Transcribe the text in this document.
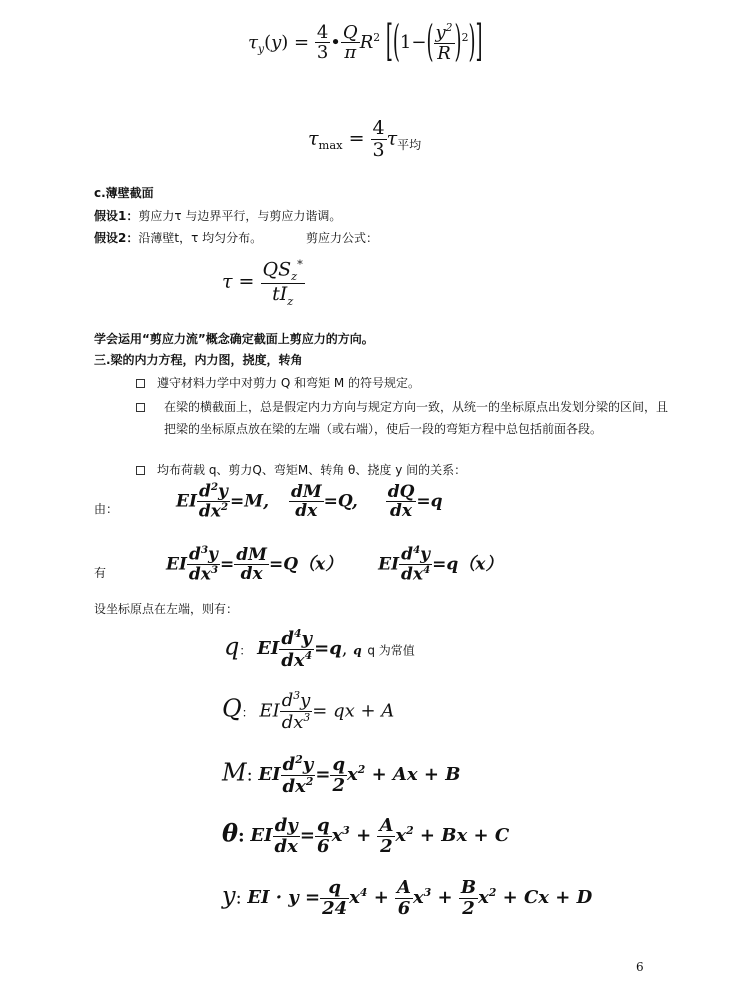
$\tau_y(y) = \frac{4}{3}$ • $\frac{Q}{\pi} R^2$ $[(1-( \frac{y^2}{R} )^2)]$
$\tau_{max} = \frac{4}{3} \tau_{平均}$
c.薄壁截面
假设1：剪应力τ 与边界平行，与剪应力谐调。
假设2：沿薄壁t，τ 均匀分布。	剪应力公式：
$\tau = \frac{QS_z^*}{tI_z}$
学会运用“剪应力流”概念确定截面上剪应力的方向。
三.梁的内力方程，内力图，挠度，转角
遵守材料力学中对剪力 Q 和弯矩 M 的符号规定。
在梁的横截面上，总是假定内力方向与规定方向一致，从统一的坐标原点出发划分梁的区间，且把梁的坐标原点放在梁的左端（或右端），使后一段的弯矩方程中总包括前面各段。
均布荷载 q、剪力Q、弯矩M、转角 θ、挠度 y 间的关系：
由：	EI $\frac{d^2y}{dx^2} =M$, $\frac{dM}{dx} =Q$, $\frac{dQ}{dx} =q$
有	EI $\frac{d^3y}{dx^3} = \frac{dM}{dx} =Q(x)$ EI $\frac{d^4y}{dx^4} =q(x)$
设坐标原点在左端，则有：
q： EI $\frac{d^4y}{dx^4} =q$, q q 为常值
Q： EI $\frac{d^3y}{dx^3}$ = qx + A
M: EI $\frac{d^2y}{dx^2} = \frac{q}{2} x^2 + Ax + B$
θ: EI $\frac{dy}{dx} = \frac{q}{6} x^3 + \frac{A}{2} x^2 + Bx + C$
y: EI · $y = \frac{q}{24} x^4 + \frac{A}{6} x^3 + \frac{B}{2} x^2 + Cx + D$
6
